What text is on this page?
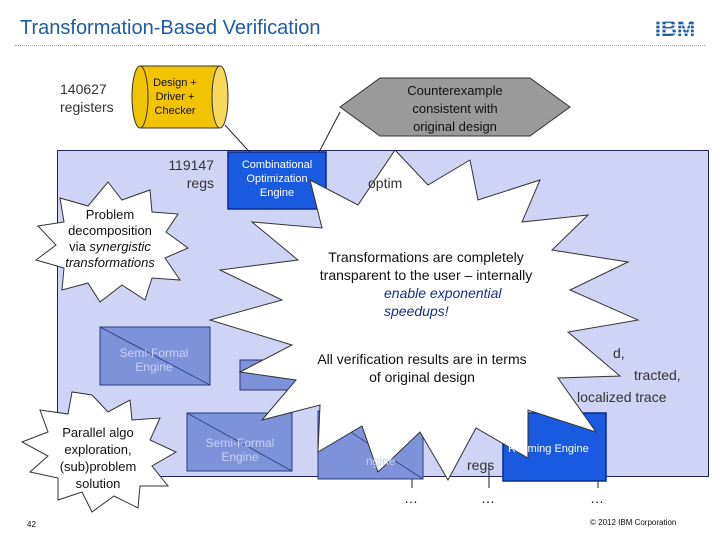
Transformation-Based Verification	IBM
140627
registers
Design +
Driver +
Checker
Counterexample
consistent with
original design
119147
regs
Combinational
Optimization
Engine
optim
Problem
decomposition
via synergistic
transformations	Transformations are completely
transparent to the user – internally
enable exponential
speedups!
All verification results are in terms
of original design
Semi-Formal
Engine
Semi-Formal
Engine
d,
tracted,
localized trace
Parallel algo
exploration,
(sub)problem
solution
ngine	regs
Retiming Engine
…	…	…
42	© 2012 IBM Corporation
